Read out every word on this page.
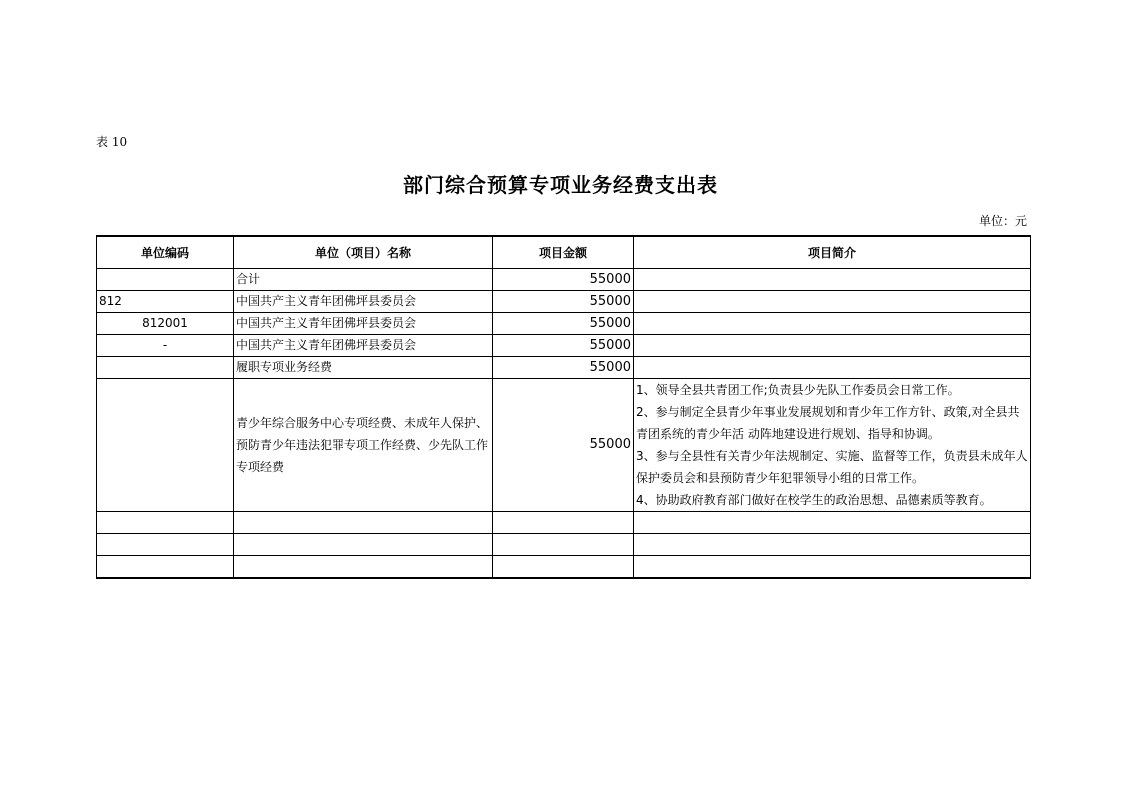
表 10
部门综合预算专项业务经费支出表
单位：元
单位编码	单位（项目）名称	项目金额	项目简介
	合计	55000	
812	中国共产主义青年团佛坪县委员会	55000	
812001	中国共产主义青年团佛坪县委员会	55000	
-	中国共产主义青年团佛坪县委员会	55000	
	履职专项业务经费	55000	
	青少年综合服务中心专项经费、未成年人保护、预防青少年违法犯罪专项工作经费、少先队工作专项经费	55000	1、领导全县共青团工作;负责县少先队工作委员会日常工作。
2、参与制定全县青少年事业发展规划和青少年工作方针、政策,对全县共青团系统的青少年活 动阵地建设进行规划、指导和协调。
3、参与全县性有关青少年法规制定、实施、监督等工作，负责县未成年人保护委员会和县预防青少年犯罪领导小组的日常工作。
4、协助政府教育部门做好在校学生的政治思想、品德素质等教育。
